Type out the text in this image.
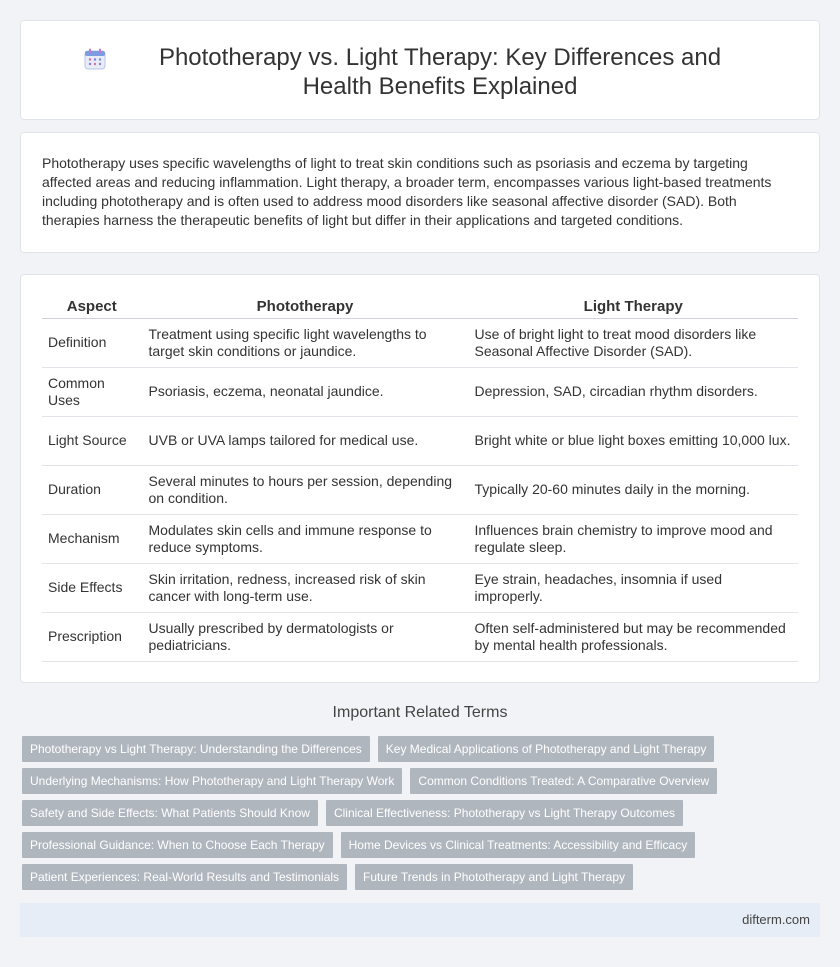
Phototherapy vs. Light Therapy: Key Differences and Health Benefits Explained

Phototherapy uses specific wavelengths of light to treat skin conditions such as psoriasis and eczema by targeting affected areas and reducing inflammation. Light therapy, a broader term, encompasses various light-based treatments including phototherapy and is often used to address mood disorders like seasonal affective disorder (SAD). Both therapies harness the therapeutic benefits of light but differ in their applications and targeted conditions.

Aspect	Phototherapy	Light Therapy
Definition	Treatment using specific light wavelengths to target skin conditions or jaundice.	Use of bright light to treat mood disorders like Seasonal Affective Disorder (SAD).
Common Uses	Psoriasis, eczema, neonatal jaundice.	Depression, SAD, circadian rhythm disorders.
Light Source	UVB or UVA lamps tailored for medical use.	Bright white or blue light boxes emitting 10,000 lux.
Duration	Several minutes to hours per session, depending on condition.	Typically 20-60 minutes daily in the morning.
Mechanism	Modulates skin cells and immune response to reduce symptoms.	Influences brain chemistry to improve mood and regulate sleep.
Side Effects	Skin irritation, redness, increased risk of skin cancer with long-term use.	Eye strain, headaches, insomnia if used improperly.
Prescription	Usually prescribed by dermatologists or pediatricians.	Often self-administered but may be recommended by mental health professionals.
Important Related Terms
Phototherapy vs Light Therapy: Understanding the Differences	Key Medical Applications of Phototherapy and Light Therapy
Underlying Mechanisms: How Phototherapy and Light Therapy Work	Common Conditions Treated: A Comparative Overview
Safety and Side Effects: What Patients Should Know	Clinical Effectiveness: Phototherapy vs Light Therapy Outcomes
Professional Guidance: When to Choose Each Therapy	Home Devices vs Clinical Treatments: Accessibility and Efficacy
Patient Experiences: Real-World Results and Testimonials	Future Trends in Phototherapy and Light Therapy
difterm.com
